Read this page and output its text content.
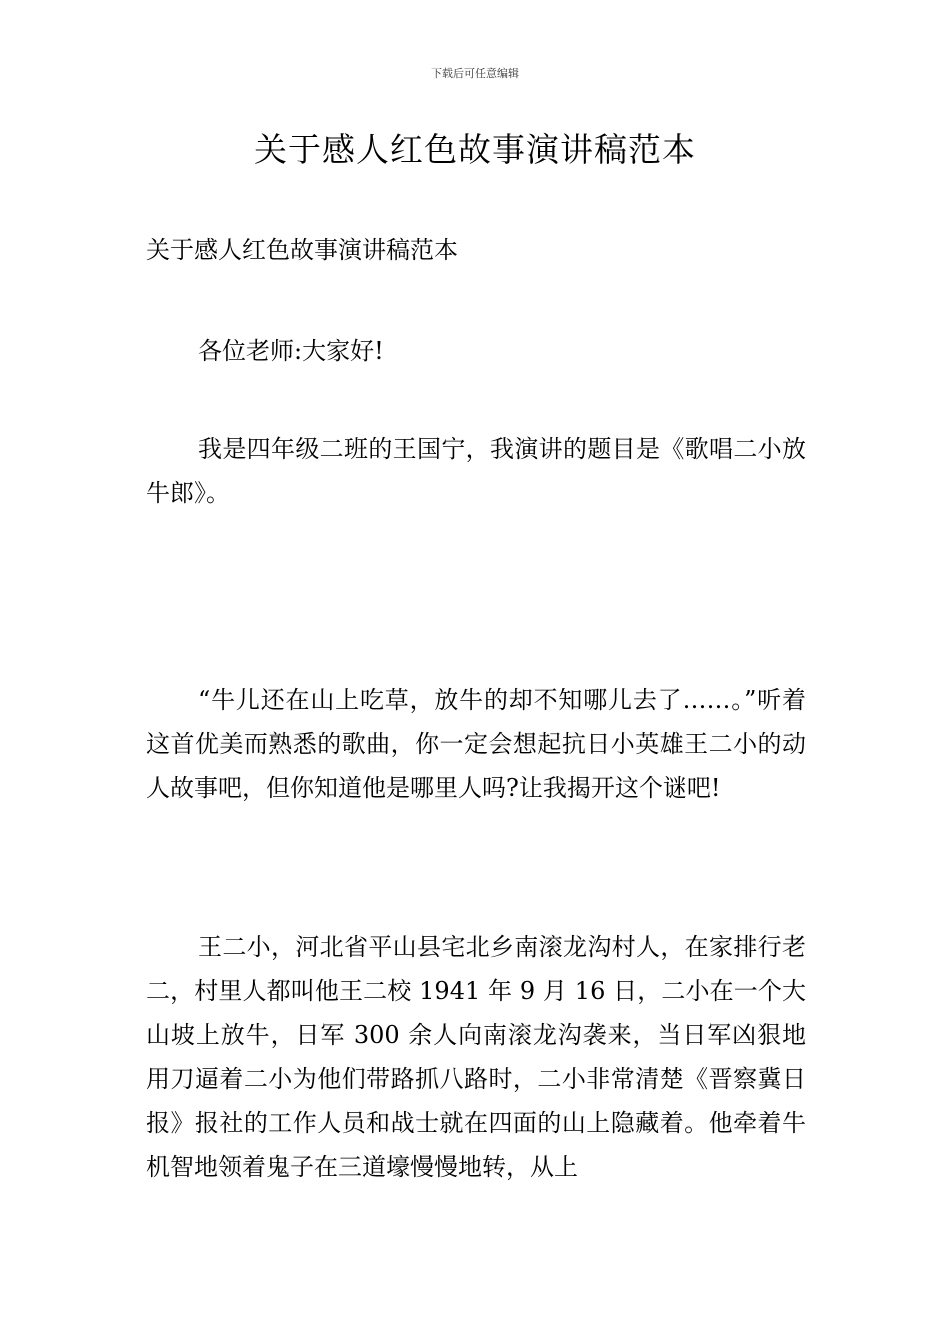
下载后可任意编辑
关于感人红色故事演讲稿范本

关于感人红色故事演讲稿范本

各位老师:大家好!

我是四年级二班的王国宁，我演讲的题目是《歌唱二小放牛郎》。

“牛儿还在山上吃草，放牛的却不知哪儿去了……。”听着这首优美而熟悉的歌曲，你一定会想起抗日小英雄王二小的动人故事吧，但你知道他是哪里人吗?让我揭开这个谜吧!

王二小，河北省平山县宅北乡南滚龙沟村人，在家排行老二，村里人都叫他王二校 1941 年 9 月 16 日，二小在一个大山坡上放牛，日军 300 余人向南滚龙沟袭来，当日军凶狠地用刀逼着二小为他们带路抓八路时，二小非常清楚《晋察冀日报》报社的工作人员和战士就在四面的山上隐藏着。他牵着牛机智地领着鬼子在三道壕慢慢地转，从上
